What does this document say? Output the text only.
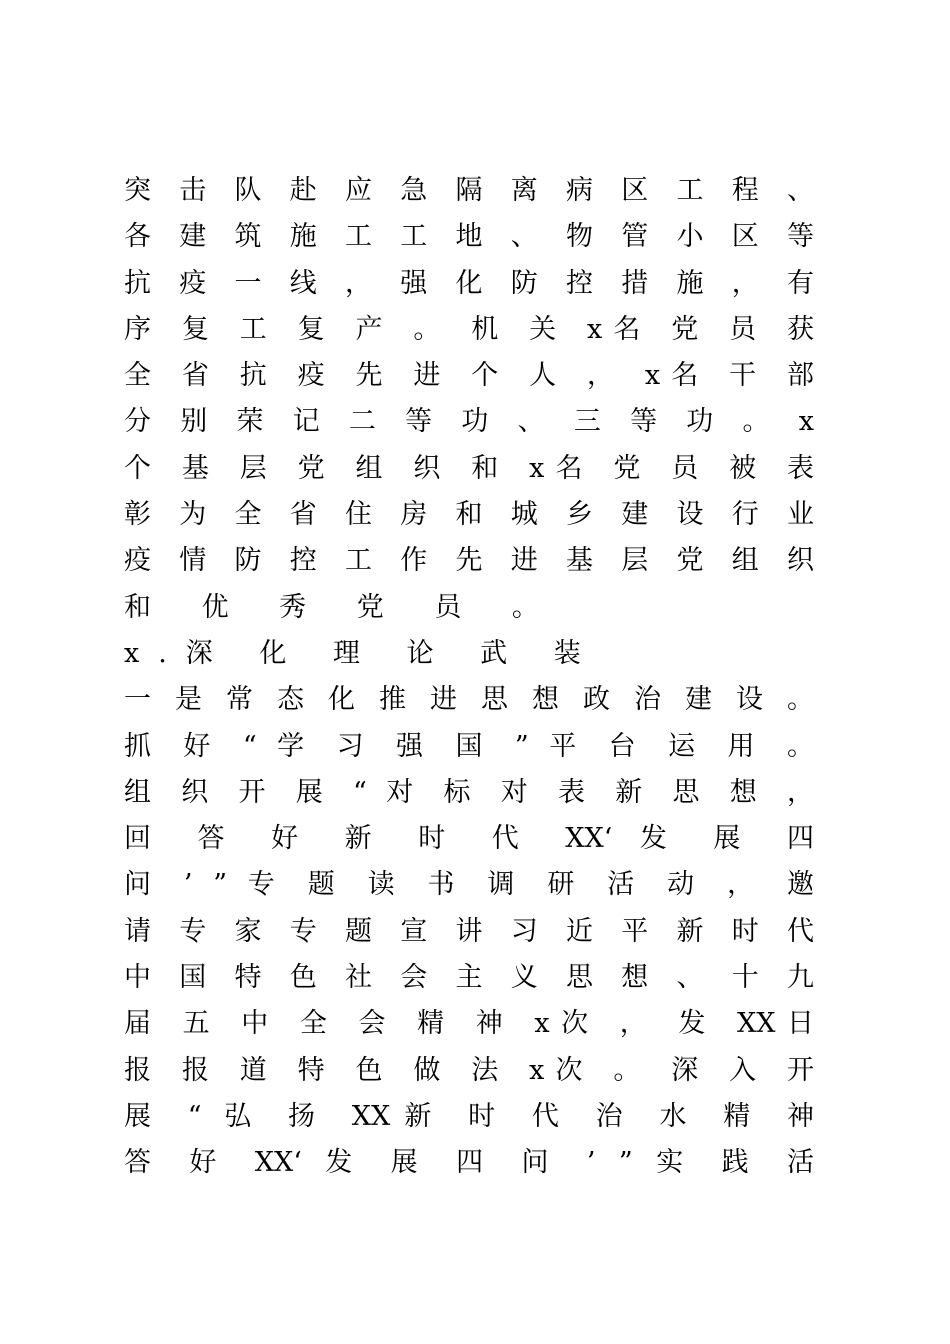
突 击 队 赴 应 急 隔 离 病 区 工 程 、
各 建 筑 施 工 工 地 、 物 管 小 区 等
抗 疫 一 线 ， 强 化 防 控 措 施 ， 有
序 复 工 复 产 。 机 关 x名 党 员 获
全 省 抗 疫 先 进 个 人 ， x名 干 部
分 别 荣 记 二 等 功 、 三 等 功 。 x
个 基 层 党 组 织 和 x名 党 员 被 表
彰 为 全 省 住 房 和 城 乡 建 设 行 业
疫 情 防 控 工 作 先 进 基 层 党 组 织
和 优 秀 党 员 。
x.深 化 理 论 武 装
一 是 常 态 化 推 进 思 想 政 治 建 设 。
抓 好 “ 学 习 强 国 ” 平 台 运 用 。
组 织 开 展 “ 对 标 对 表 新 思 想 ，
回 答 好 新 时 代 XX‘ 发 展 四
问 ’ ” 专 题 读 书 调 研 活 动 ， 邀
请 专 家 专 题 宣 讲 习 近 平 新 时 代
中 国 特 色 社 会 主 义 思 想 、 十 九
届 五 中 全 会 精 神 x次 ， 发 XX日
报 报 道 特 色 做 法 x次 。 深 入 开
展 “ 弘 扬 XX新 时 代 治 水 精 神
答 好 XX‘ 发 展 四 问 ’ ” 实 践 活
